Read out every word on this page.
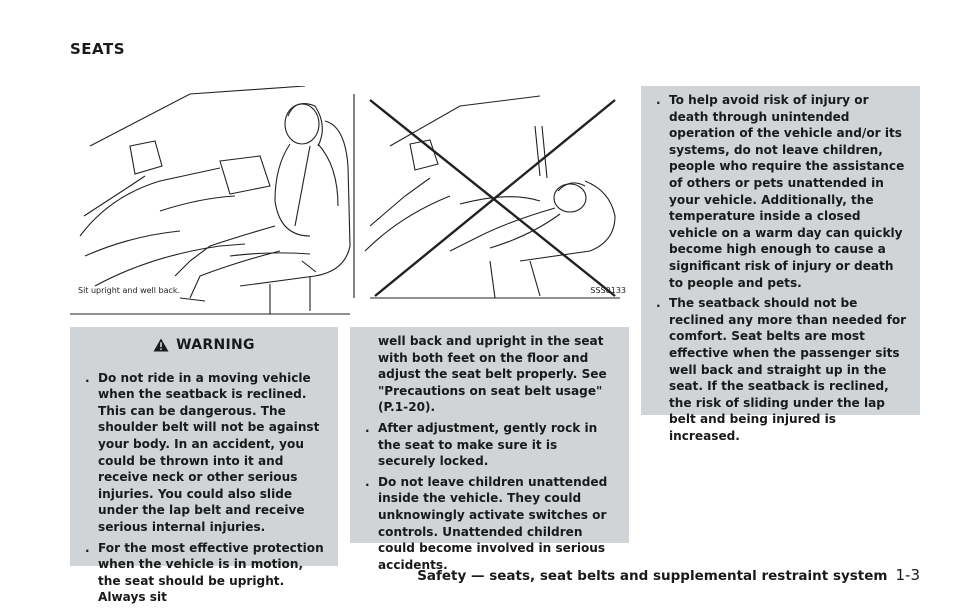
SEATS
Sit upright and well back.	SSS0133
WARNING
. Do not ride in a moving vehicle when the seatback is reclined. This can be dangerous. The shoulder belt will not be against your body. In an accident, you could be thrown into it and receive neck or other serious injuries. You could also slide under the lap belt and receive serious internal injuries.
. For the most effective protection when the vehicle is in motion, the seat should be upright. Always sit
well back and upright in the seat with both feet on the floor and adjust the seat belt properly. See "Precautions on seat belt usage" (P.1-20).
. After adjustment, gently rock in the seat to make sure it is securely locked.
. Do not leave children unattended inside the vehicle. They could unknowingly activate switches or controls. Unattended children could become involved in serious accidents.
. To help avoid risk of injury or death through unintended operation of the vehicle and/or its systems, do not leave children, people who require the assistance of others or pets unattended in your vehicle. Additionally, the temperature inside a closed vehicle on a warm day can quickly become high enough to cause a significant risk of injury or death to people and pets.
. The seatback should not be reclined any more than needed for comfort. Seat belts are most effective when the passenger sits well back and straight up in the seat. If the seatback is reclined, the risk of sliding under the lap belt and being injured is increased.
Safety — seats, seat belts and supplemental restraint system 1-3
